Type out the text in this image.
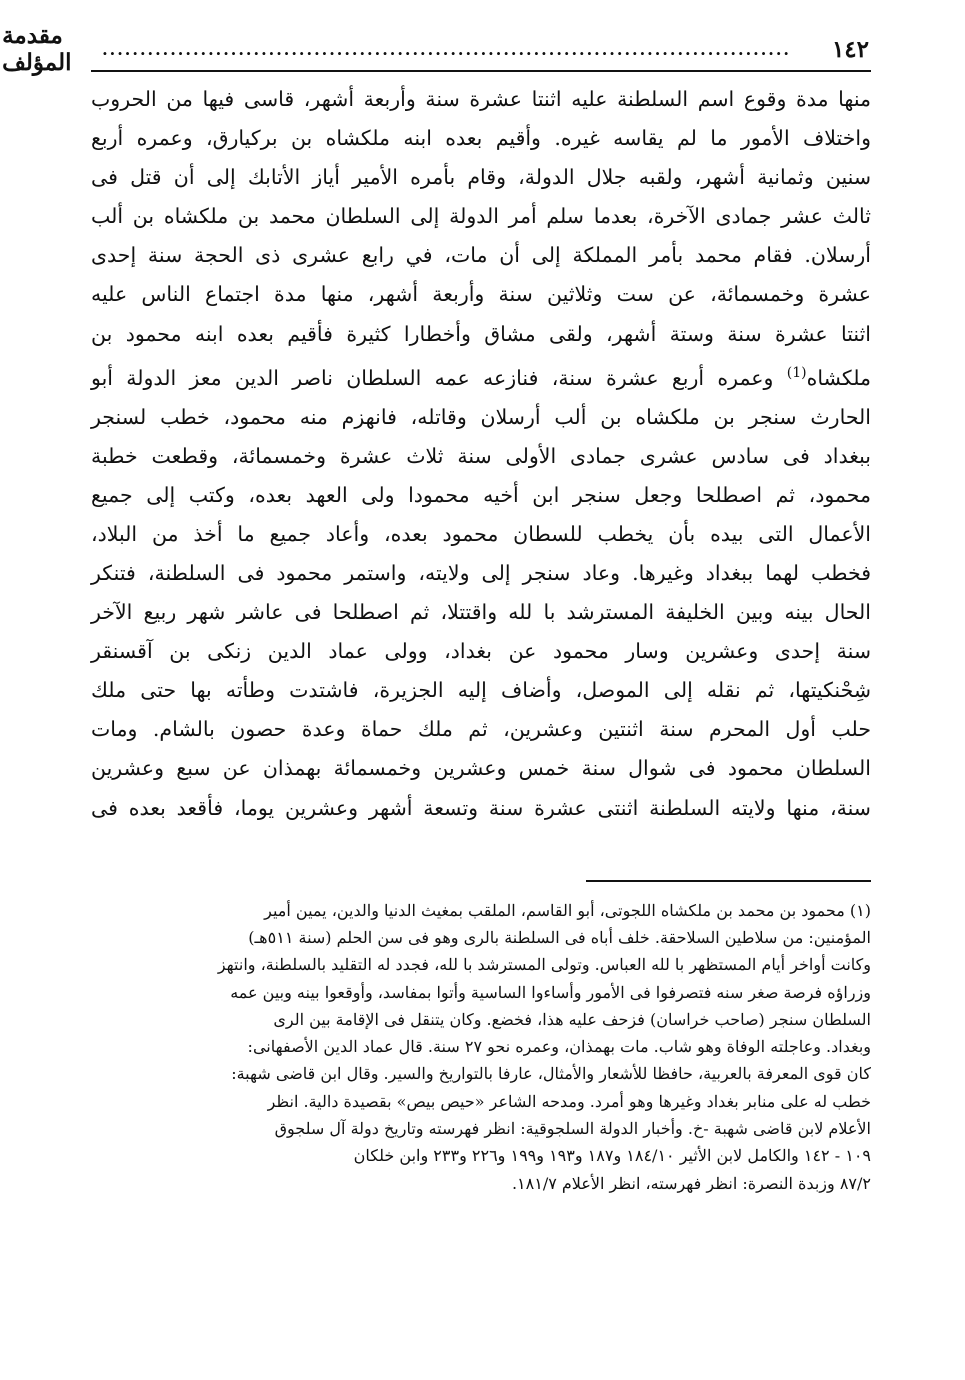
١٤٢
...........................................................................................
مقدمة المؤلف
منها مدة وقوع اسم السلطنة عليه اثنتا عشرة سنة وأربعة أشهر، قاسى فيها من الحروب
واختلاف الأمور ما لم يقاسه غيره. وأقيم بعده ابنه ملكشاه بن بركيارق، وعمره أربع
سنين وثمانية أشهر، ولقبه جلال الدولة، وقام بأمره الأمير أياز الأتابك إلى أن قتل فى
ثالث عشر جمادى الآخرة، بعدما سلم أمر الدولة إلى السلطان محمد بن ملكشاه بن ألب
أرسلان. فقام محمد بأمر المملكة إلى أن مات، في رابع عشرى ذى الحجة سنة إحدى
عشرة وخمسمائة، عن ست وثلاثين سنة وأربعة أشهر، منها مدة اجتماع الناس عليه
اثنتا عشرة سنة وستة أشهر، ولقى مشاق وأخطارا كثيرة فأقيم بعده ابنه محمود بن
ملكشاه$^{(1)}$ وعمره أربع عشرة سنة، فنازعه عمه السلطان ناصر الدين معز الدولة أبو
الحارث سنجر بن ملكشاه بن ألب أرسلان وقاتله، فانهزم منه محمود، خطب لسنجر
ببغداد فى سادس عشرى جمادى الأولى سنة ثلاث عشرة وخمسمائة، وقطعت خطبة
محمود، ثم اصطلحا وجعل سنجر ابن أخيه محمودا ولى العهد بعده، وكتب إلى جميع
الأعمال التى بيده بأن يخطب للسطان محمود بعده، وأعاد جميع ما أخذ من البلاد،
فخطب لهما ببغداد وغيرها. وعاد سنجر إلى ولايته، واستمر محمود فى السلطنة، فتنكر
الحال بينه وبين الخليفة المسترشد با لله واقتتلا، ثم اصطلحا فى عاشر شهر ربيع الآخر
سنة إحدى وعشرين وسار محمود عن بغداد، وولى عماد الدين زنكى بن آقسنقر
شِحْنكيتها، ثم نقله إلى الموصل، وأضاف إليه الجزيرة، فاشتدت وطأته بها حتى ملك
حلب أول المحرم سنة اثنتين وعشرين، ثم ملك حماة وعدة حصون بالشام. ومات
السلطان محمود فى شوال سنة خمس وعشرين وخمسمائة بهمذان عن سبع وعشرين
سنة، منها ولايته السلطنة اثنتى عشرة سنة وتسعة أشهر وعشرين يوما، فأقعد بعده فى
(١) محمود بن محمد بن ملكشاه اللجوتى، أبو القاسم، الملقب بمغيث الدنيا والدين، يمين أمير
المؤمنين: من سلاطين السلاحقة. خلف أباه فى السلطنة بالرى وهو فى سن الحلم (سنة ٥١١هـ)
وكانت أواخر أيام المستظهر با لله العباس. وتولى المسترشد با لله، فجدد له التقليد بالسلطنة، وانتهز
وزراؤه فرصة صغر سنه فتصرفوا فى الأمور وأساءوا الساسية وأتوا بمفاسد، وأوقعوا بينه وبين عمه
السلطان سنجر (صاحب خراسان) فزحف عليه هذا، فخضع. وكان يتنقل فى الإقامة بين الرى
وبغداد. وعاجلته الوفاة وهو شاب. مات بهمذان، وعمره نحو ٢٧ سنة. قال عماد الدين الأصفهانى:
كان قوى المعرفة بالعربية، حافظا للأشعار والأمثال، عارفا بالتواريخ والسير. وقال ابن قاضى شهبة:
خطب له على منابر بغداد وغيرها وهو أمرد. ومدحه الشاعر «حيص بيص» بقصيدة دالية. انظر
الأعلام لابن قاضى شهبة -خ. وأخبار الدولة السلجوقية: انظر فهرسته وتاريخ دولة آل سلجوق
١٠٩ - ١٤٢ والكامل لابن الأثير ١٨٤/١٠ و١٨٧ و١٩٣ و١٩٩ و٢٢٦ و٢٣٣ وابن خلكان
٨٧/٢ وزبدة النصرة: انظر فهرسته، انظر الأعلام ١٨١/٧.
